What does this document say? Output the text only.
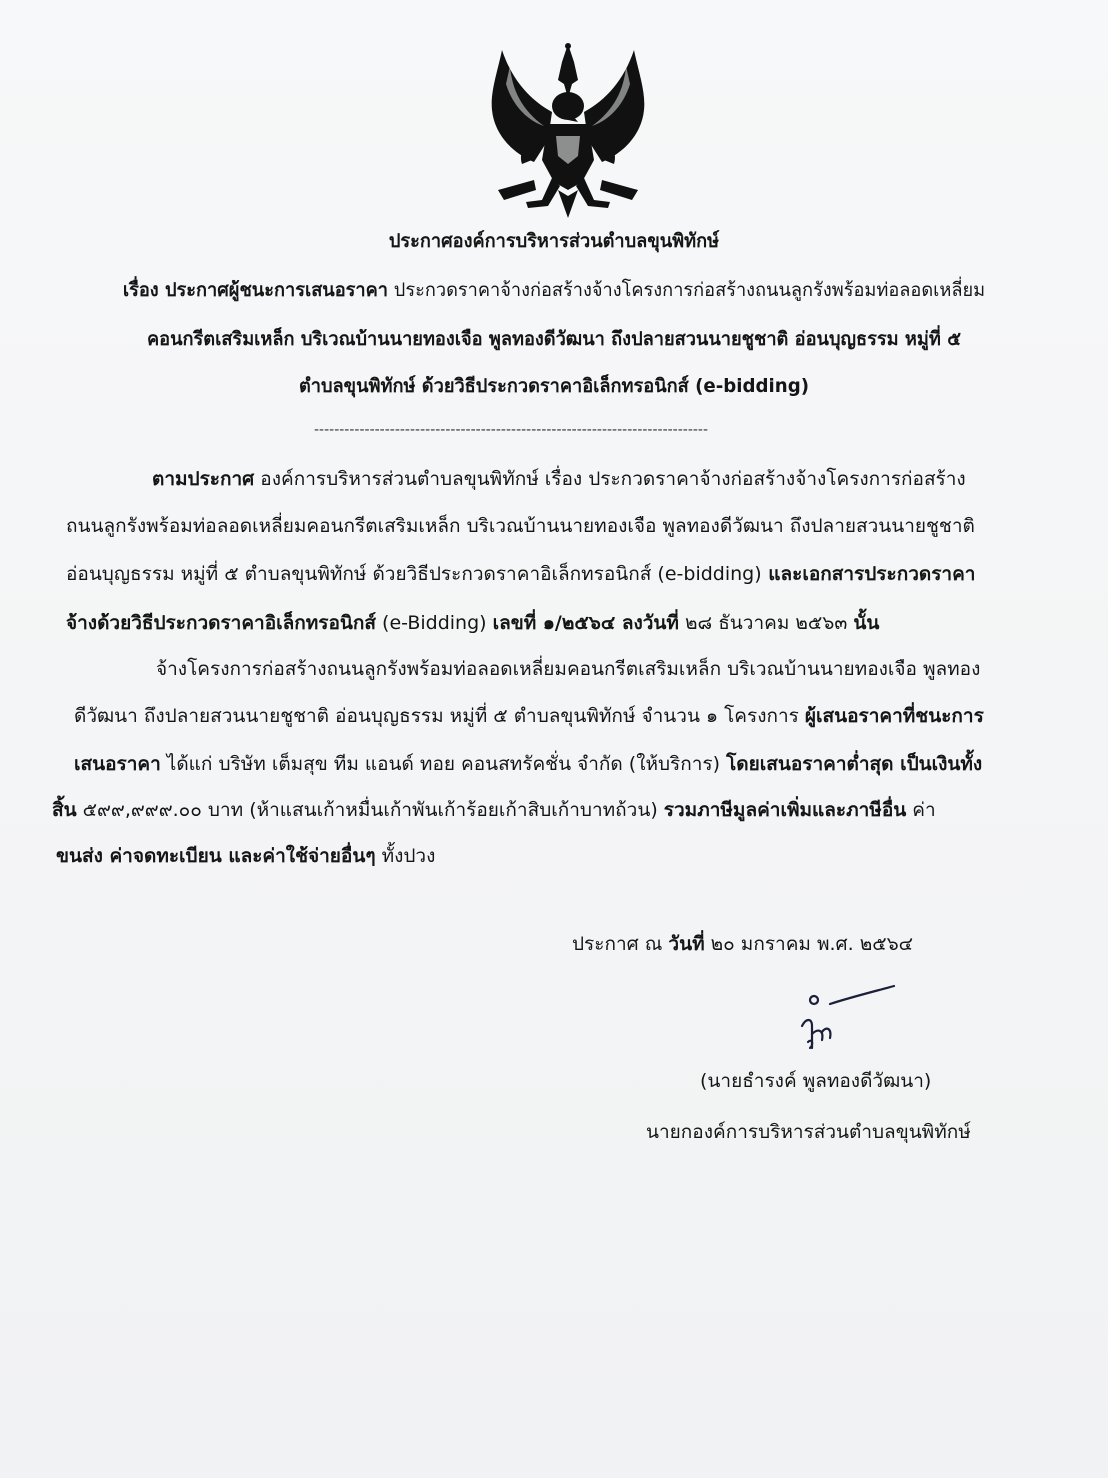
ประกาศองค์การบริหารส่วนตำบลขุนพิทักษ์
เรื่อง ประกาศผู้ชนะการเสนอราคา ประกวดราคาจ้างก่อสร้างจ้างโครงการก่อสร้างถนนลูกรังพร้อมท่อลอดเหลี่ยม
คอนกรีตเสริมเหล็ก บริเวณบ้านนายทองเจือ พูลทองดีวัฒนา ถึงปลายสวนนายชูชาติ อ่อนบุญธรรม หมู่ที่ ๕
ตำบลขุนพิทักษ์ ด้วยวิธีประกวดราคาอิเล็กทรอนิกส์ (e-bidding)
------------------------------------------------------------------------------
ตามประกาศ องค์การบริหารส่วนตำบลขุนพิทักษ์ เรื่อง ประกวดราคาจ้างก่อสร้างจ้างโครงการก่อสร้าง
ถนนลูกรังพร้อมท่อลอดเหลี่ยมคอนกรีตเสริมเหล็ก บริเวณบ้านนายทองเจือ พูลทองดีวัฒนา ถึงปลายสวนนายชูชาติ
อ่อนบุญธรรม หมู่ที่ ๕ ตำบลขุนพิทักษ์ ด้วยวิธีประกวดราคาอิเล็กทรอนิกส์ (e-bidding) และเอกสารประกวดราคา
จ้างด้วยวิธีประกวดราคาอิเล็กทรอนิกส์ (e-Bidding) เลขที่ ๑/๒๕๖๔ ลงวันที่ ๒๘ ธันวาคม ๒๕๖๓ นั้น
จ้างโครงการก่อสร้างถนนลูกรังพร้อมท่อลอดเหลี่ยมคอนกรีตเสริมเหล็ก บริเวณบ้านนายทองเจือ พูลทอง
ดีวัฒนา ถึงปลายสวนนายชูชาติ อ่อนบุญธรรม หมู่ที่ ๕ ตำบลขุนพิทักษ์ จำนวน ๑ โครงการ ผู้เสนอราคาที่ชนะการ
เสนอราคา ได้แก่ บริษัท เต็มสุข ทีม แอนด์ ทอย คอนสทรัคชั่น จำกัด (ให้บริการ) โดยเสนอราคาต่ำสุด เป็นเงินทั้ง
สิ้น ๕๙๙,๙๙๙.๐๐ บาท (ห้าแสนเก้าหมื่นเก้าพันเก้าร้อยเก้าสิบเก้าบาทถ้วน) รวมภาษีมูลค่าเพิ่มและภาษีอื่น ค่า
ขนส่ง ค่าจดทะเบียน และค่าใช้จ่ายอื่นๆ ทั้งปวง
ประกาศ ณ วันที่ ๒๐ มกราคม พ.ศ. ๒๕๖๔
(นายธำรงค์ พูลทองดีวัฒนา)
นายกองค์การบริหารส่วนตำบลขุนพิทักษ์
